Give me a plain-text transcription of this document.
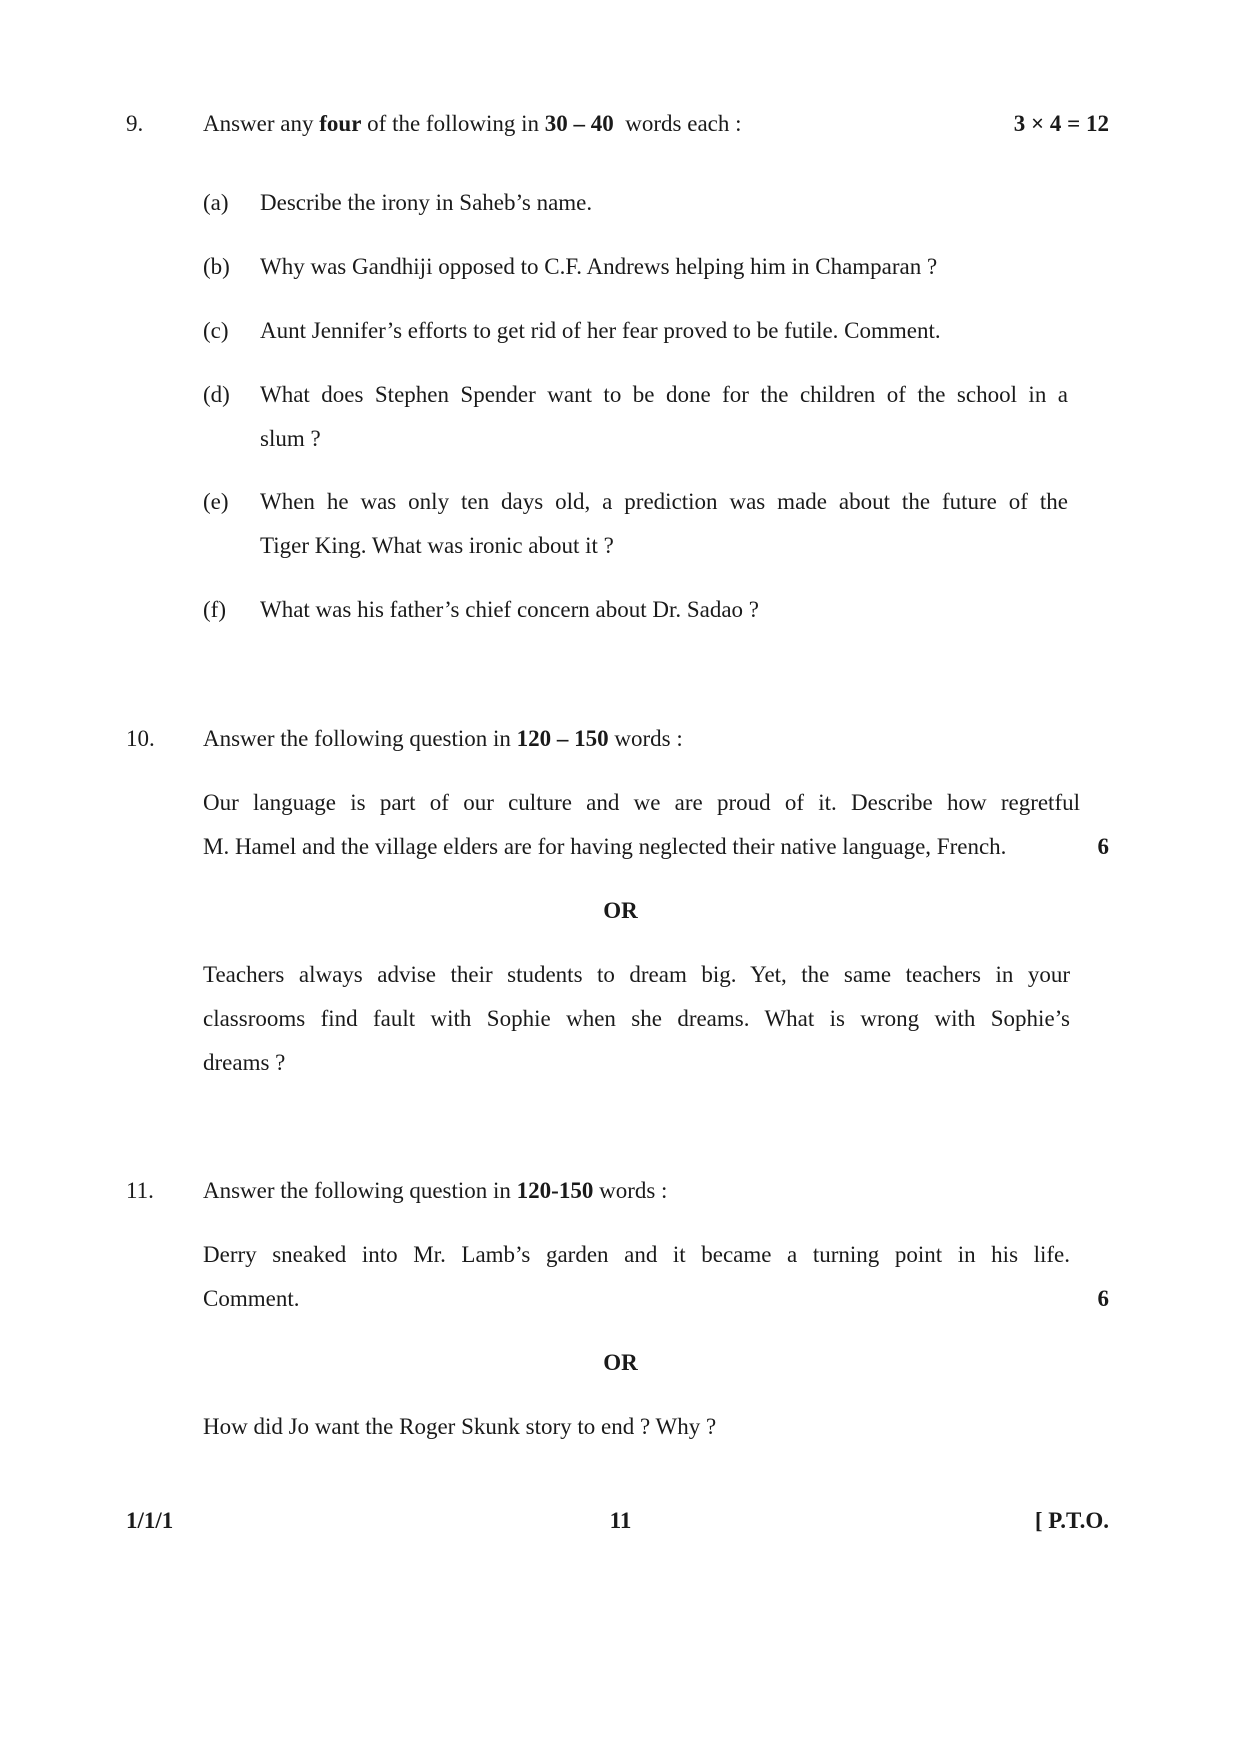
9.	Answer any four of the following in 30 – 40  words each :	3 × 4 = 12
(a) Describe the irony in Saheb’s name.
(b) Why was Gandhiji opposed to C.F. Andrews helping him in Champaran ?
(c) Aunt Jennifer’s efforts to get rid of her fear proved to be futile. Comment.
(d) What does Stephen Spender want to be done for the children of the school in a
slum ?
(e) When he was only ten days old, a prediction was made about the future of the
Tiger King. What was ironic about it ?
(f) What was his father’s chief concern about Dr. Sadao ?
10. Answer the following question in 120 – 150 words :
Our language is part of our culture and we are proud of it. Describe how regretful
M. Hamel and the village elders are for having neglected their native language, French.	6
OR
Teachers always advise their students to dream big. Yet, the same teachers in your
classrooms find fault with Sophie when she dreams. What is wrong with Sophie’s
dreams ?
11. Answer the following question in 120-150 words :
Derry sneaked into Mr. Lamb’s garden and it became a turning point in his life.
Comment.	6
OR
How did Jo want the Roger Skunk story to end ? Why ?
1/1/1	11	[ P.T.O.
